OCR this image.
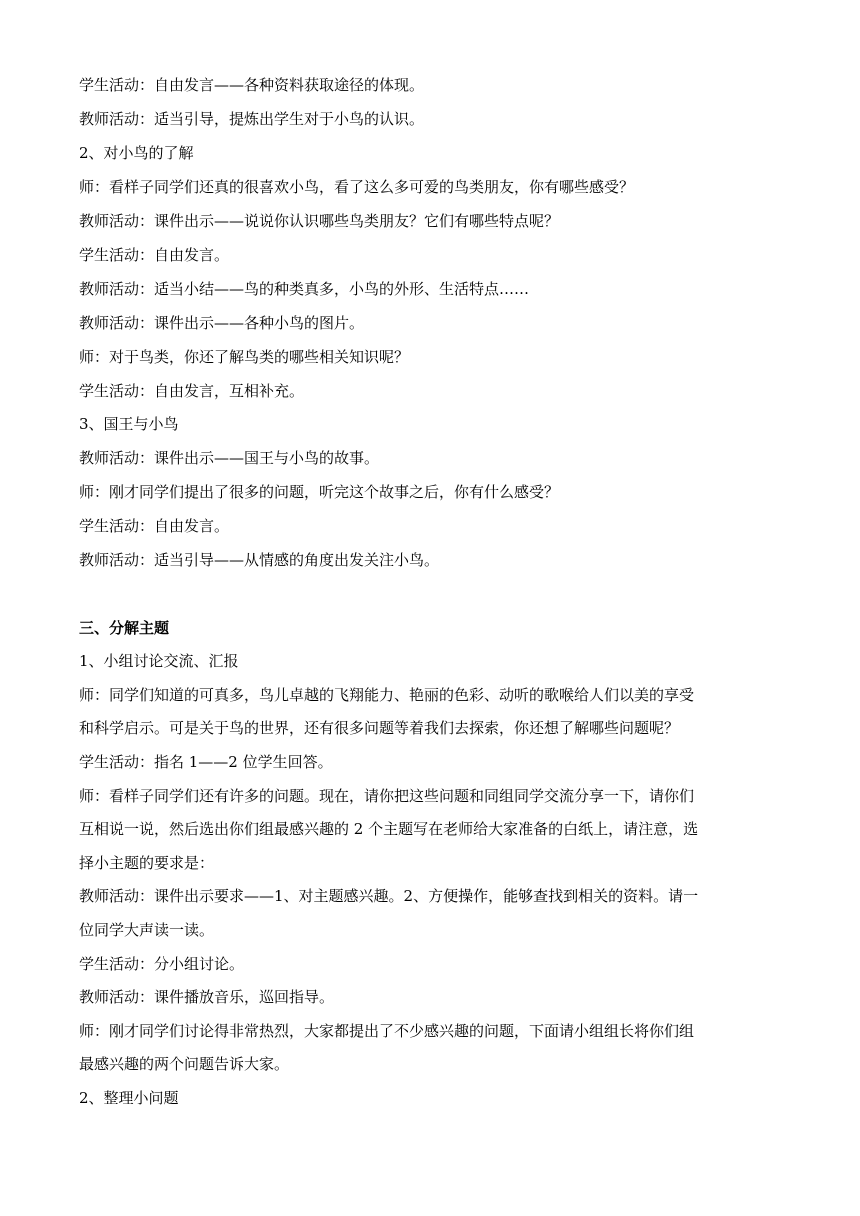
学生活动：自由发言——各种资料获取途径的体现。
教师活动：适当引导，提炼出学生对于小鸟的认识。
2、对小鸟的了解
师：看样子同学们还真的很喜欢小鸟，看了这么多可爱的鸟类朋友，你有哪些感受？
教师活动：课件出示——说说你认识哪些鸟类朋友？它们有哪些特点呢？
学生活动：自由发言。
教师活动：适当小结——鸟的种类真多，小鸟的外形、生活特点……
教师活动：课件出示——各种小鸟的图片。
师：对于鸟类，你还了解鸟类的哪些相关知识呢？
学生活动：自由发言，互相补充。
3、国王与小鸟
教师活动：课件出示——国王与小鸟的故事。
师：刚才同学们提出了很多的问题，听完这个故事之后，你有什么感受？
学生活动：自由发言。
教师活动：适当引导——从情感的角度出发关注小鸟。
三、分解主题
1、小组讨论交流、汇报
师：同学们知道的可真多，鸟儿卓越的飞翔能力、艳丽的色彩、动听的歌喉给人们以美的享受
和科学启示。可是关于鸟的世界，还有很多问题等着我们去探索，你还想了解哪些问题呢？
学生活动：指名 1——2 位学生回答。
师：看样子同学们还有许多的问题。现在，请你把这些问题和同组同学交流分享一下，请你们
互相说一说，然后选出你们组最感兴趣的 2 个主题写在老师给大家准备的白纸上，请注意，选
择小主题的要求是：
教师活动：课件出示要求——1、对主题感兴趣。2、方便操作，能够查找到相关的资料。请一
位同学大声读一读。
学生活动：分小组讨论。
教师活动：课件播放音乐，巡回指导。
师：刚才同学们讨论得非常热烈，大家都提出了不少感兴趣的问题，下面请小组组长将你们组
最感兴趣的两个问题告诉大家。
2、整理小问题
